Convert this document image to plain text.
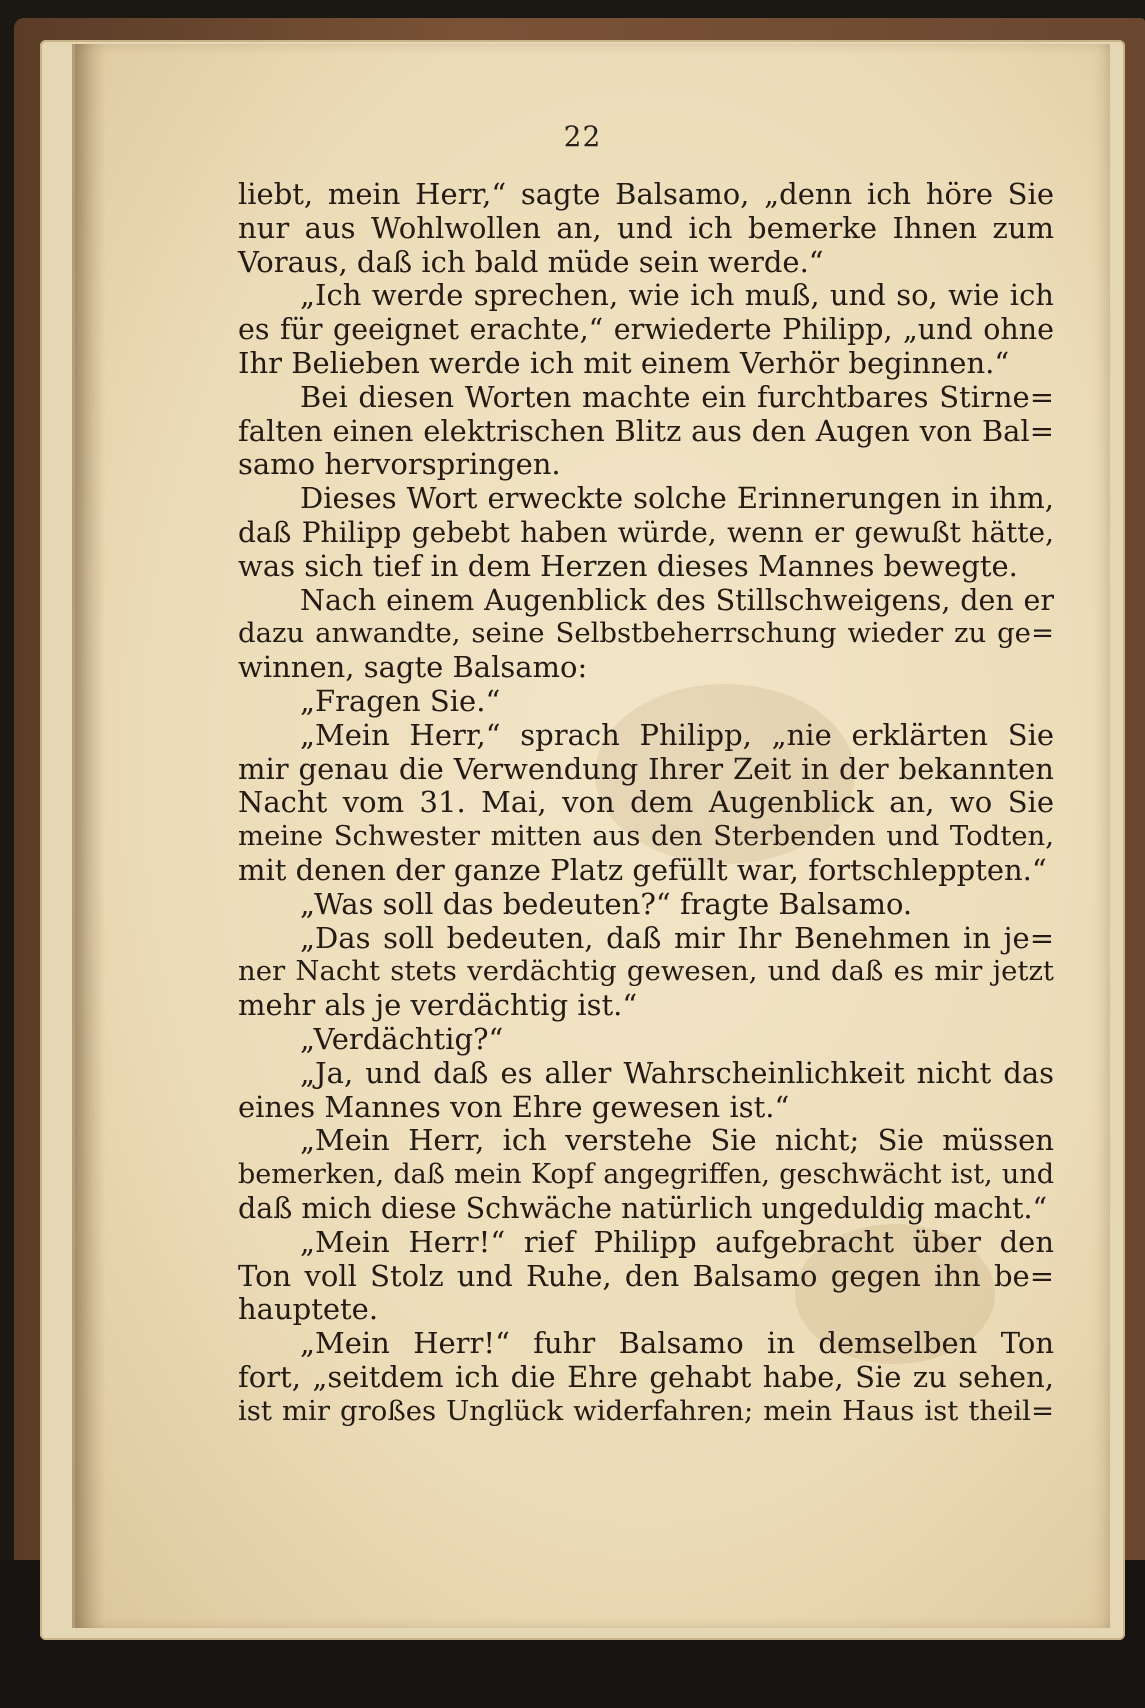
22
liebt, mein Herr,“ sagte Balsamo, „denn ich höre Sie
nur aus Wohlwollen an, und ich bemerke Ihnen zum
Voraus, daß ich bald müde sein werde.“
„Ich werde sprechen, wie ich muß, und so, wie ich
es für geeignet erachte,“ erwiederte Philipp, „und ohne
Ihr Belieben werde ich mit einem Verhör beginnen.“
Bei diesen Worten machte ein furchtbares Stirne=
falten einen elektrischen Blitz aus den Augen von Bal=
samo hervorspringen.
Dieses Wort erweckte solche Erinnerungen in ihm,
daß Philipp gebebt haben würde, wenn er gewußt hätte,
was sich tief in dem Herzen dieses Mannes bewegte.
Nach einem Augenblick des Stillschweigens, den er
dazu anwandte, seine Selbstbeherrschung wieder zu ge=
winnen, sagte Balsamo:
„Fragen Sie.“
„Mein Herr,“ sprach Philipp, „nie erklärten Sie
mir genau die Verwendung Ihrer Zeit in der bekannten
Nacht vom 31. Mai, von dem Augenblick an, wo Sie
meine Schwester mitten aus den Sterbenden und Todten,
mit denen der ganze Platz gefüllt war, fortschleppten.“
„Was soll das bedeuten?“ fragte Balsamo.
„Das soll bedeuten, daß mir Ihr Benehmen in je=
ner Nacht stets verdächtig gewesen, und daß es mir jetzt
mehr als je verdächtig ist.“
„Verdächtig?“
„Ja, und daß es aller Wahrscheinlichkeit nicht das
eines Mannes von Ehre gewesen ist.“
„Mein Herr, ich verstehe Sie nicht; Sie müssen
bemerken, daß mein Kopf angegriffen, geschwächt ist, und
daß mich diese Schwäche natürlich ungeduldig macht.“
„Mein Herr!“ rief Philipp aufgebracht über den
Ton voll Stolz und Ruhe, den Balsamo gegen ihn be=
hauptete.
„Mein Herr!“ fuhr Balsamo in demselben Ton
fort, „seitdem ich die Ehre gehabt habe, Sie zu sehen,
ist mir großes Unglück widerfahren; mein Haus ist theil=
